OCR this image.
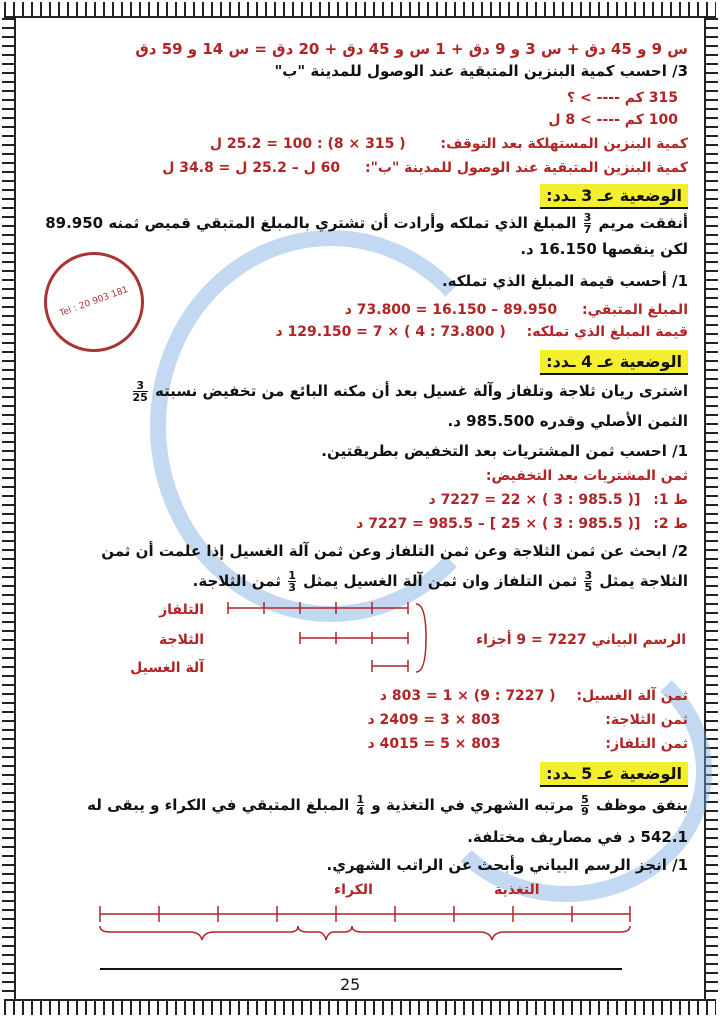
س 9 و 45 دق + س 3 و 9 دق + 1 س و 45 دق + 20 دق = س 14 و 59 دق
3/ احسب كمية البنزين المتبقية عند الوصول للمدينة "ب"
315 كم ---- > ؟
100 كم ---- > 8 ل
كمية البنزين المستهلكة بعد التوقف: ( 315 × 8) : 100 = 25.2 ل
كمية البنزين المتبقية عند الوصول للمدينة "ب": 60 ل – 25.2 ل = 34.8 ل
الوضعية عـ 3 ـدد:
أنفقت مريم
$\frac{3}{7}$
المبلغ الذي تملكه وأرادت أن تشتري بالمبلغ المتبقي قميص ثمنه 89.950
لكن ينقصها 16.150 د.
Tel : 20 903 181
1/ أحسب قيمة المبلغ الذي تملكه.
المبلغ المتبقي: 89.950 – 16.150 = 73.800 د
قيمة المبلغ الذي تملكه: ( 73.800 : 4 ) × 7 = 129.150 د
الوضعية عـ 4 ـدد:
اشترى ريان ثلاجة وتلفاز وآلة غسيل بعد أن مكنه البائع من تخفيض نسبته
$\frac{3}{25}$
الثمن الأصلي وقدره 985.500 د.
1/ احسب ثمن المشتريات بعد التخفيض بطريقتين.
ثمن المشتريات بعد التخفيض:
ط 1: [( 985.5 : 3 ) × 22 = 7227 د
ط 2: [( 985.5 : 3 ) × 25 ] – 985.5 = 7227 د
2/ ابحث عن ثمن الثلاجة وعن ثمن التلفاز وعن ثمن آلة الغسيل إذا علمت أن ثمن
الثلاجة يمثل
$\frac{3}{5}$
ثمن التلفاز وان ثمن آلة الغسيل يمثل
$\frac{1}{3}$
ثمن الثلاجة.
التلفاز
الثلاجة
آلة الغسيل
الرسم البياني 7227 = 9 أجزاء
ثمن آلة الغسيل: ( 7227 : 9) × 1 = 803 د
ثمن الثلاجة: 803 × 3 = 2409 د
ثمن التلفاز: 803 × 5 = 4015 د
الوضعية عـ 5 ـدد:
ينفق موظف
$\frac{5}{9}$
مرتبه الشهري في التغذية و
$\frac{1}{4}$
المبلغ المتبقي في الكراء و يبقى له
542.1 د في مصاريف مختلفة.
1/ انجز الرسم البياني وأبحث عن الراتب الشهري.
التغذية
الكراء
25
